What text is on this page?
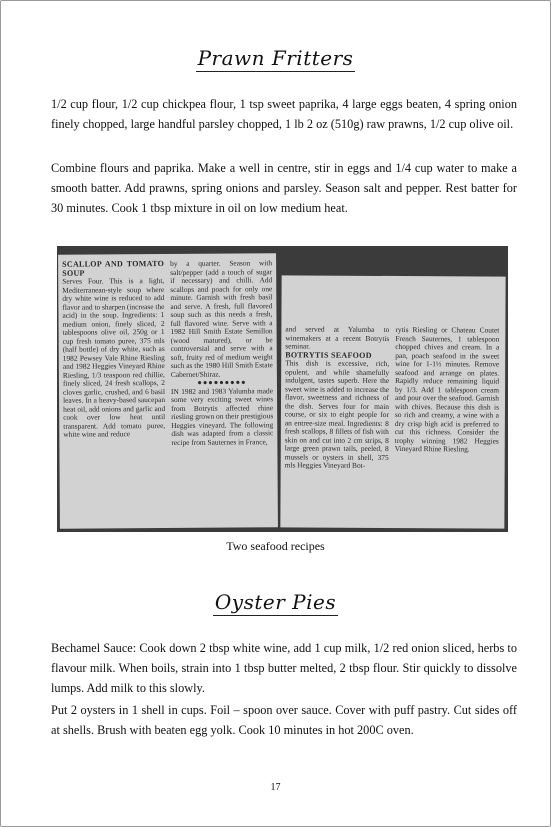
Prawn Fritters

1/2 cup flour, 1/2 cup chickpea flour, 1 tsp sweet paprika, 4 large eggs beaten, 4 spring onion finely chopped, large handful parsley chopped, 1 lb 2 oz (510g) raw prawns, 1/2 cup olive oil.

Combine flours and paprika. Make a well in centre, stir in eggs and 1/4 cup water to make a smooth batter. Add prawns, spring onions and parsley. Season salt and pepper. Rest batter for 30 minutes. Cook 1 tbsp mixture in oil on low medium heat.

SCALLOP AND TOMATO SOUP
Serves Four. This is a light, Mediterranean-style soup where dry white wine is reduced to add flavor and to sharpen (increase the acid) in the soup. Ingredients: 1 medium onion, finely sliced, 2 tablespoons olive oil, 250g or 1 cup fresh tomato puree, 375 mls (half bottle) of dry white, such as 1982 Pewsey Vale Rhine Riesling and 1982 Heggies Vineyard Rhine Riesling, 1/3 teaspoon red chillie, finely sliced, 24 fresh scallops, 2 cloves garlic, crushed, and 6 basil leaves. In a heavy-based saucepan heat oil, add onions and garlic and cook over low heat until transparent. Add tomato puree, white wine and reduce
by a quarter. Season with salt/pepper (add a touch of sugar if necessary) and chilli. Add scallops and poach for only one minute. Garnish with fresh basil and serve. A fresh, full flavored soup such as this needs a fresh, full flavored wine. Serve with a 1982 Hill Smith Estate Semillon (wood matured), or be controversial and serve with a soft, fruity red of medium weight such as the 1980 Hill Smith Estate Cabernet/Shiraz.
●●●●●●●●●
IN 1982 and 1983 Yalumba made some very exciting sweet wines from Botrytis affected rhine riesling grown on their prestigious Heggies vineyard. The following dish was adapted from a classic recipe from Sauternes in France,
and served at Yalumba to winemakers at a recent Botrytis seminar.
BOTRYTIS SEAFOOD
This dish is excessive, rich, opulent, and while shamefully indulgent, tastes superb. Here the sweet wine is added to increase the flavor, sweetness and richness of the dish. Serves four for main course, or six to eight people for an entree-size meal. Ingredients: 8 fresh scallops, 8 fillets of fish with skin on and cut into 2 cm strips, 8 large green prawn tails, peeled, 8 mussels or oysters in shell, 375 mls Heggies Vineyard Bot-
rytis Riesling or Chateau Coutet French Sauternes, 1 tablespoon chopped chives and cream. In a pan, poach seafood in the sweet wine for 1-1½ minutes. Remove seafood and arrange on plates. Rapidly reduce remaining liquid by 1/3. Add 1 tablespoon cream and pour over the seafood. Garnish with chives. Because this dish is so rich and creamy, a wine with a dry crisp high acid is preferred to cut this richness. Consider the trophy winning 1982 Heggies Vineyard Rhine Riesling.
Two seafood recipes
Oyster Pies

Bechamel Sauce: Cook down 2 tbsp white wine, add 1 cup milk, 1/2 red onion sliced, herbs to flavour milk. When boils, strain into 1 tbsp butter melted, 2 tbsp flour. Stir quickly to dissolve lumps. Add milk to this slowly.

Put 2 oysters in 1 shell in cups. Foil – spoon over sauce. Cover with puff pastry. Cut sides off at shells. Brush with beaten egg yolk. Cook 10 minutes in hot 200C oven.

17
